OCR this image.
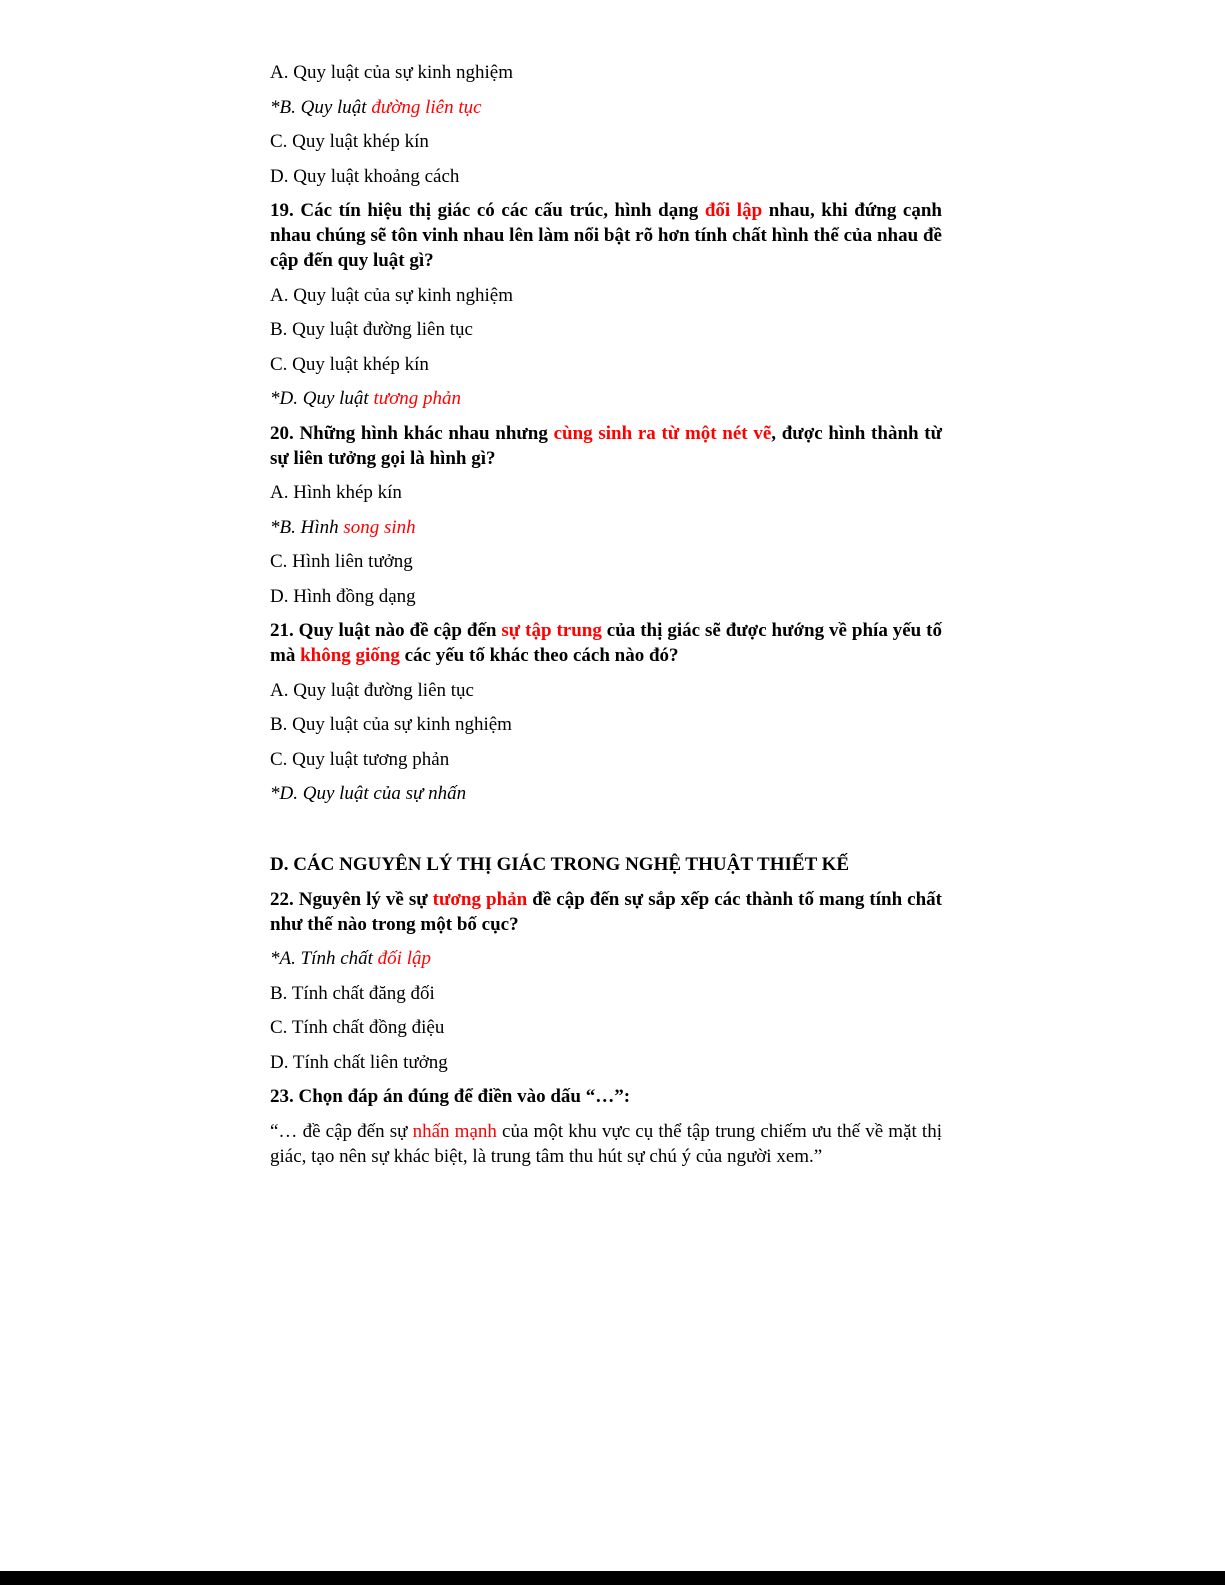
A. Quy luật của sự kinh nghiệm

*B. Quy luật đường liên tục

C. Quy luật khép kín

D. Quy luật khoảng cách

19. Các tín hiệu thị giác có các cấu trúc, hình dạng đối lập nhau, khi đứng cạnh nhau chúng sẽ tôn vinh nhau lên làm nổi bật rõ hơn tính chất hình thể của nhau đề cập đến quy luật gì?

A. Quy luật của sự kinh nghiệm

B. Quy luật đường liên tục

C. Quy luật khép kín

*D. Quy luật tương phản

20. Những hình khác nhau nhưng cùng sinh ra từ một nét vẽ, được hình thành từ sự liên tưởng gọi là hình gì?

A. Hình khép kín

*B. Hình song sinh

C. Hình liên tưởng

D. Hình đồng dạng

21. Quy luật nào đề cập đến sự tập trung của thị giác sẽ được hướng về phía yếu tố mà không giống các yếu tố khác theo cách nào đó?

A. Quy luật đường liên tục

B. Quy luật của sự kinh nghiệm

C. Quy luật tương phản

*D. Quy luật của sự nhấn

D. CÁC NGUYÊN LÝ THỊ GIÁC TRONG NGHỆ THUẬT THIẾT KẾ

22. Nguyên lý về sự tương phản đề cập đến sự sắp xếp các thành tố mang tính chất như thế nào trong một bố cục?

*A. Tính chất đối lập

B. Tính chất đăng đối

C. Tính chất đồng điệu

D. Tính chất liên tưởng

23. Chọn đáp án đúng để điền vào dấu “…”:

“… đề cập đến sự nhấn mạnh của một khu vực cụ thể tập trung chiếm ưu thế về mặt thị giác, tạo nên sự khác biệt, là trung tâm thu hút sự chú ý của người xem.”
